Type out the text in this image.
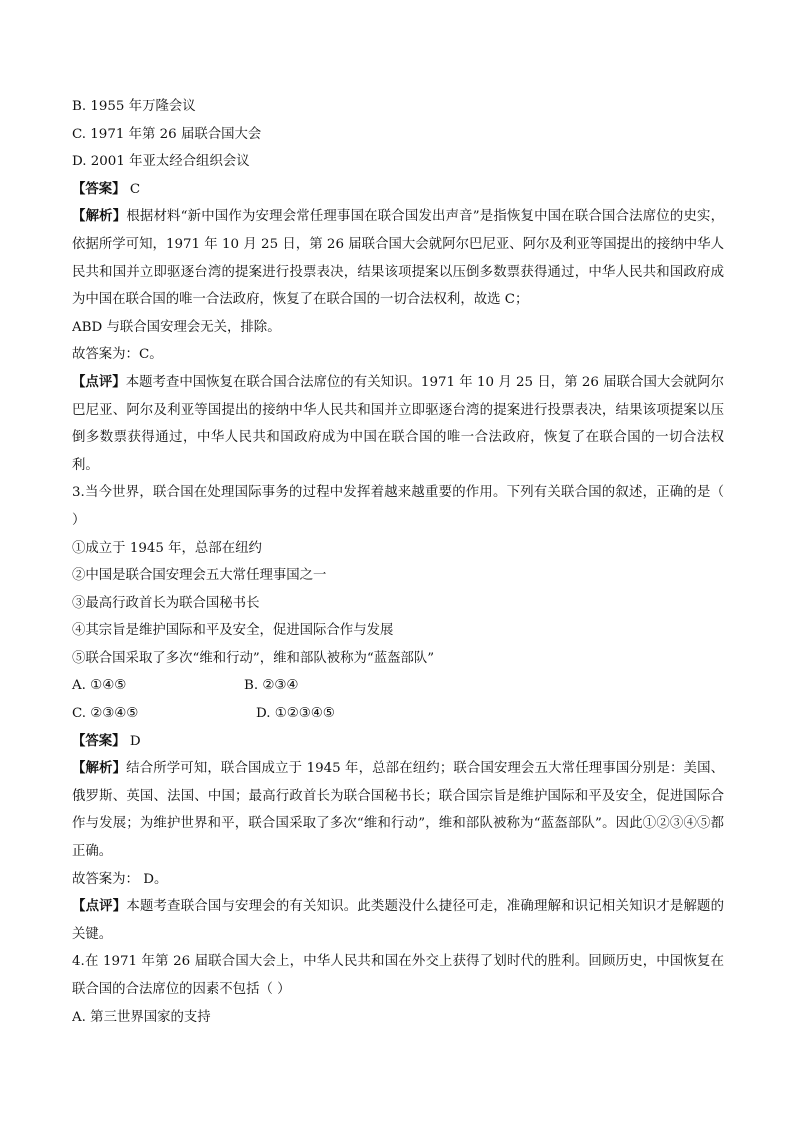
B. 1955 年万隆会议
C. 1971 年第 26 届联合国大会
D. 2001 年亚太经合组织会议
【答案】 C
【解析】根据材料“新中国作为安理会常任理事国在联合国发出声音”是指恢复中国在联合国合法席位的史实，依据所学可知，1971 年 10 月 25 日，第 26 届联合国大会就阿尔巴尼亚、阿尔及利亚等国提出的接纳中华人民共和国并立即驱逐台湾的提案进行投票表决，结果该项提案以压倒多数票获得通过，中华人民共和国政府成为中国在联合国的唯一合法政府，恢复了在联合国的一切合法权利，故选 C；
ABD 与联合国安理会无关，排除。
故答案为：C。
【点评】本题考查中国恢复在联合国合法席位的有关知识。1971 年 10 月 25 日，第 26 届联合国大会就阿尔巴尼亚、阿尔及利亚等国提出的接纳中华人民共和国并立即驱逐台湾的提案进行投票表决，结果该项提案以压倒多数票获得通过，中华人民共和国政府成为中国在联合国的唯一合法政府，恢复了在联合国的一切合法权利。
3.当今世界，联合国在处理国际事务的过程中发挥着越来越重要的作用。下列有关联合国的叙述，正确的是（ ）
①成立于 1945 年，总部在纽约
②中国是联合国安理会五大常任理事国之一
③最高行政首长为联合国秘书长
④其宗旨是维护国际和平及安全，促进国际合作与发展
⑤联合国采取了多次“维和行动”，维和部队被称为“蓝盔部队”
A. ①④⑤	B. ②③④
C. ②③④⑤	D. ①②③④⑤
【答案】 D
【解析】结合所学可知，联合国成立于 1945 年，总部在纽约；联合国安理会五大常任理事国分别是：美国、俄罗斯、英国、法国、中国；最高行政首长为联合国秘书长；联合国宗旨是维护国际和平及安全，促进国际合作与发展；为维护世界和平，联合国采取了多次“维和行动”，维和部队被称为“蓝盔部队”。因此①②③④⑤都正确。
故答案为： D。
【点评】本题考查联合国与安理会的有关知识。此类题没什么捷径可走，准确理解和识记相关知识才是解题的关键。
4.在 1971 年第 26 届联合国大会上，中华人民共和国在外交上获得了划时代的胜利。回顾历史，中国恢复在联合国的合法席位的因素不包括（ ）
A. 第三世界国家的支持
